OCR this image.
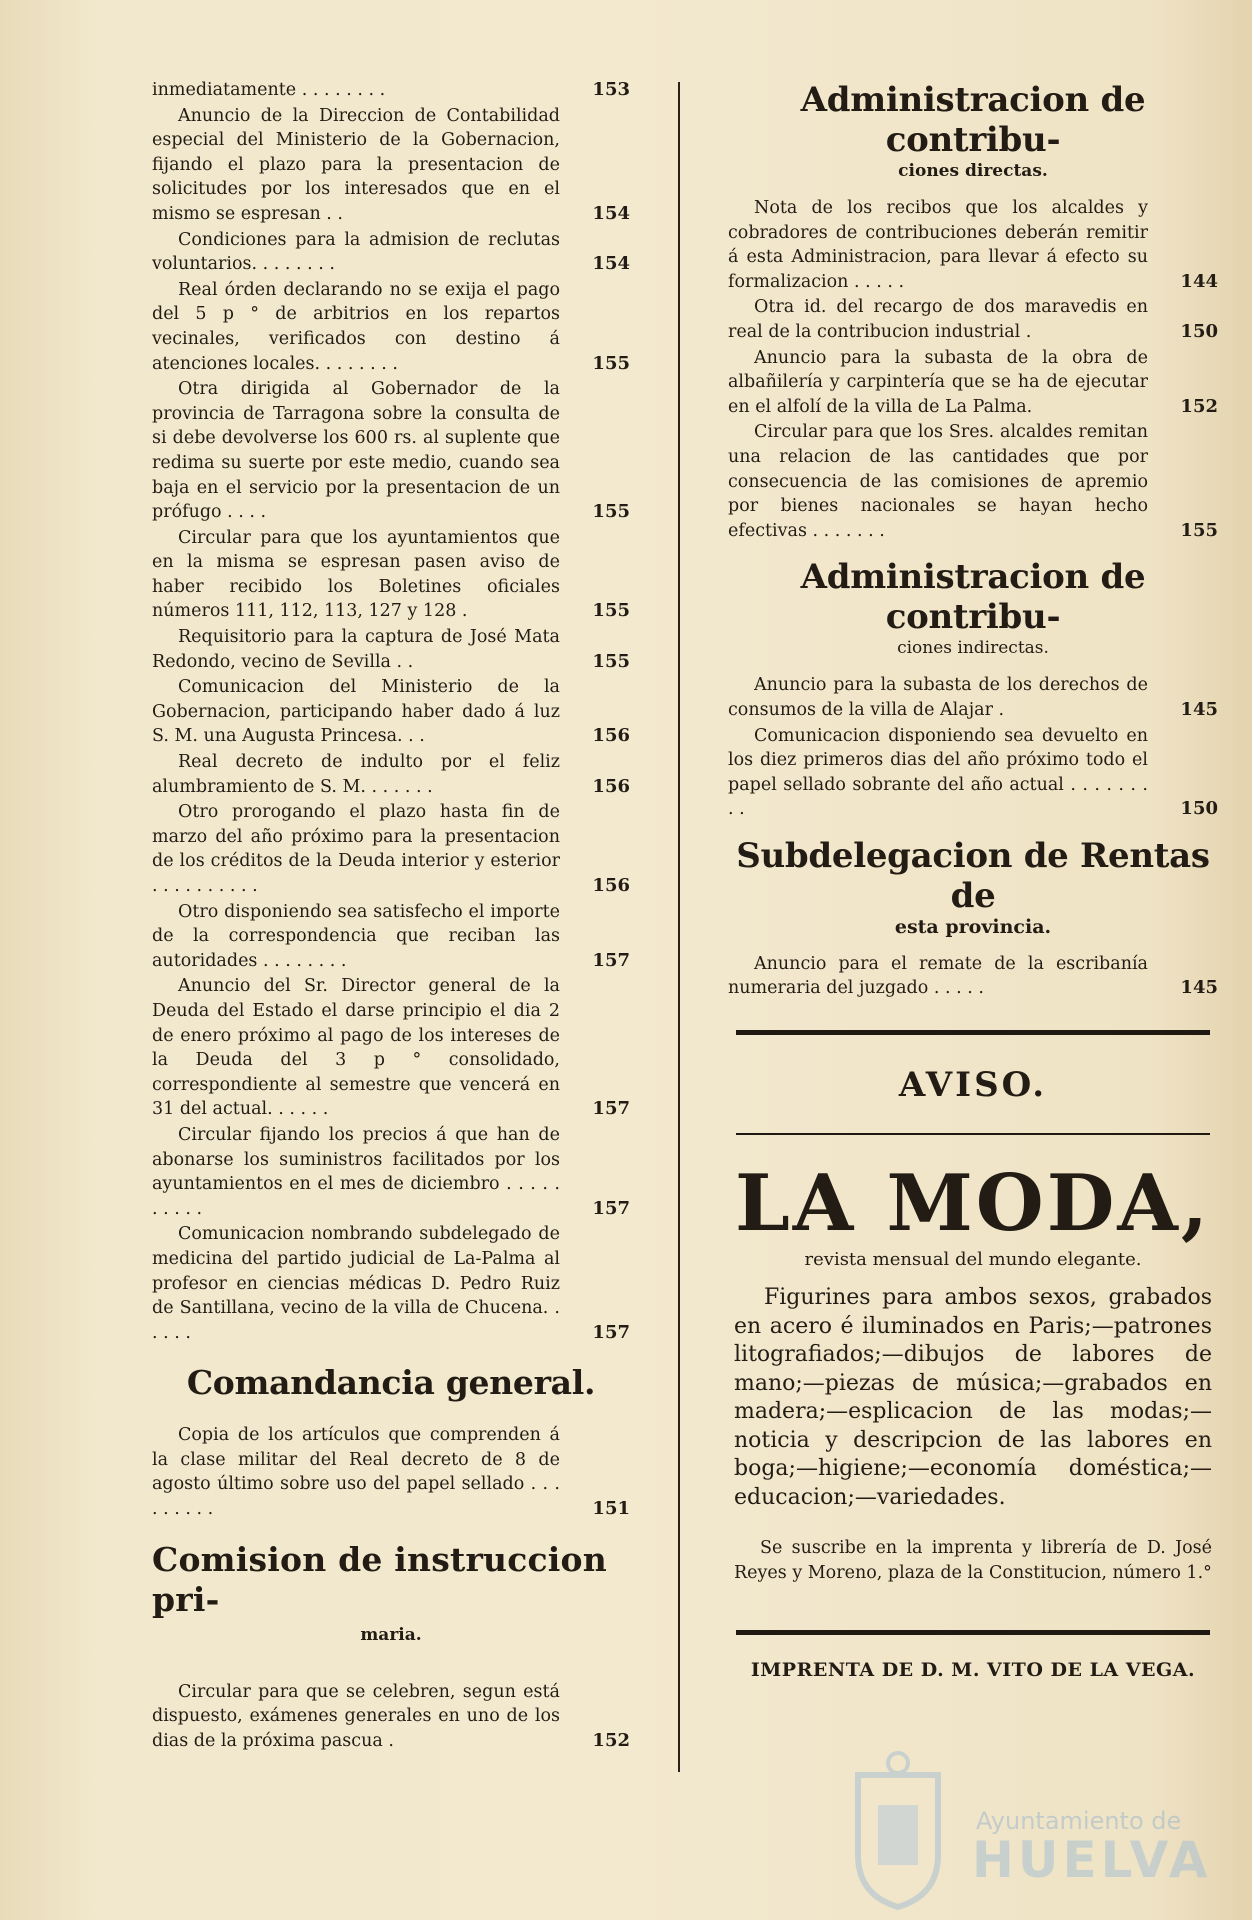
inmediatamente . . . . . . . .	153
Anuncio de la Direccion de Contabilidad especial del Ministerio de la Gobernacion, fijando el plazo para la presentacion de solicitudes por los interesados que en el mismo se espresan . .	154
Condiciones para la admision de reclutas voluntarios. . . . . . . .	154
Real órden declarando no se exija el pago del 5 p ° de arbitrios en los repartos vecinales, verificados con destino á atenciones locales. . . . . . . .	155
Otra dirigida al Gobernador de la provincia de Tarragona sobre la consulta de si debe devolverse los 600 rs. al suplente que redima su suerte por este medio, cuando sea baja en el servicio por la presentacion de un prófugo . . . .	155
Circular para que los ayuntamientos que en la misma se espresan pasen aviso de haber recibido los Boletines oficiales números 111, 112, 113, 127 y 128 .	155
Requisitorio para la captura de José Mata Redondo, vecino de Sevilla . .	155
Comunicacion del Ministerio de la Gobernacion, participando haber dado á luz S. M. una Augusta Princesa. . .	156
Real decreto de indulto por el feliz alumbramiento de S. M. . . . . . .	156
Otro prorogando el plazo hasta fin de marzo del año próximo para la presentacion de los créditos de la Deuda interior y esterior . . . . . . . . . .	156
Otro disponiendo sea satisfecho el importe de la correspondencia que reciban las autoridades . . . . . . . .	157
Anuncio del Sr. Director general de la Deuda del Estado el darse principio el dia 2 de enero próximo al pago de los intereses de la Deuda del 3 p ° consolidado, correspondiente al semestre que vencerá en 31 del actual. . . . . .	157
Circular fijando los precios á que han de abonarse los suministros facilitados por los ayuntamientos en el mes de diciembro . . . . . . . . . .	157
Comunicacion nombrando subdelegado de medicina del partido judicial de La-Palma al profesor en ciencias médicas D. Pedro Ruiz de Santillana, vecino de la villa de Chucena. . . . . .	157
Comandancia general.
Copia de los artículos que comprenden á la clase militar del Real decreto de 8 de agosto último sobre uso del papel sellado . . . . . . . . .	151
Comision de instruccion pri-
maria.
Circular para que se celebren, segun está dispuesto, exámenes generales en uno de los dias de la próxima pascua .	152
Administracion de contribu-
ciones directas.
Nota de los recibos que los alcaldes y cobradores de contribuciones deberán remitir á esta Administracion, para llevar á efecto su formalizacion . . . . .	144
Otra id. del recargo de dos maravedis en real de la contribucion industrial .	150
Anuncio para la subasta de la obra de albañilería y carpintería que se ha de ejecutar en el alfolí de la villa de La Palma.	152
Circular para que los Sres. alcaldes remitan una relacion de las cantidades que por consecuencia de las comisiones de apremio por bienes nacionales se hayan hecho efectivas . . . . . . .	155
Administracion de contribu-
ciones indirectas.
Anuncio para la subasta de los derechos de consumos de la villa de Alajar .	145
Comunicacion disponiendo sea devuelto en los diez primeros dias del año próximo todo el papel sellado sobrante del año actual . . . . . . . . .	150
Subdelegacion de Rentas de
esta provincia.
Anuncio para el remate de la escribanía numeraria del juzgado . . . . .	145
AVISO.
LA MODA,
revista mensual del mundo elegante.
Figurines para ambos sexos, grabados en acero é iluminados en Paris;—patrones litografiados;—dibujos de labores de mano;—piezas de música;—grabados en madera;—esplicacion de las modas;—noticia y descripcion de las labores en boga;—higiene;—economía doméstica;—educacion;—variedades.
Se suscribe en la imprenta y librería de D. José Reyes y Moreno, plaza de la Constitucion, número 1.°
IMPRENTA DE D. M. VITO DE LA VEGA.
Ayuntamiento de
HUELVA
